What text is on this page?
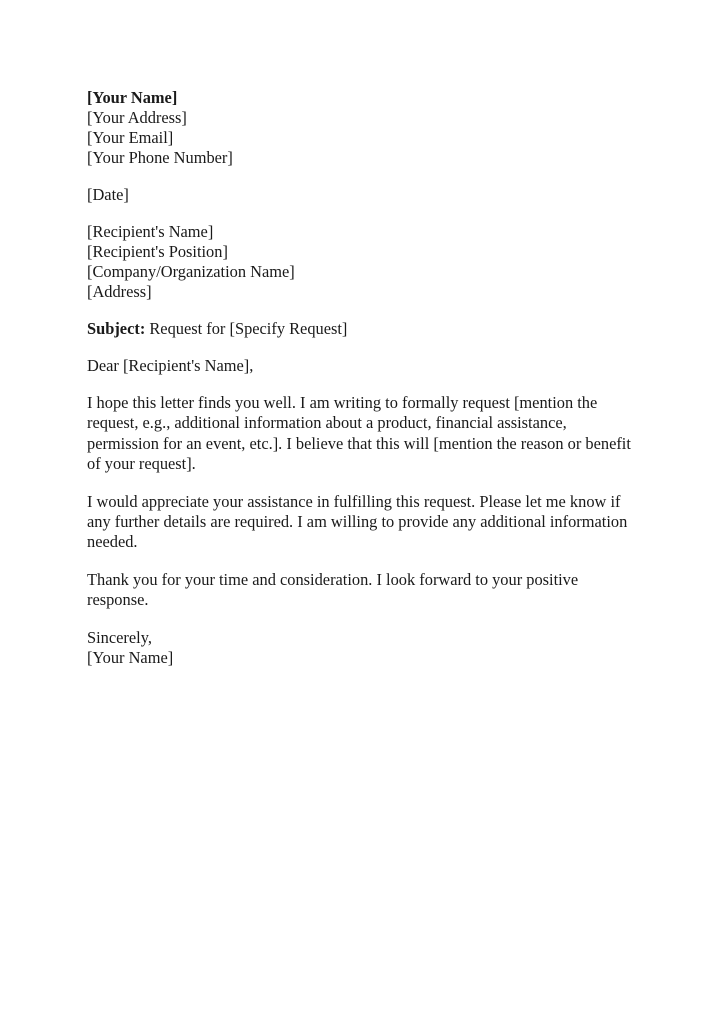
[Your Name]
[Your Address]
[Your Email]
[Your Phone Number]
[Date]
[Recipient's Name]
[Recipient's Position]
[Company/Organization Name]
[Address]
Subject: Request for [Specify Request]
Dear [Recipient's Name],

I hope this letter finds you well. I am writing to formally request [mention the request, e.g., additional information about a product, financial assistance, permission for an event, etc.]. I believe that this will [mention the reason or benefit of your request].

I would appreciate your assistance in fulfilling this request. Please let me know if any further details are required. I am willing to provide any additional information needed.

Thank you for your time and consideration. I look forward to your positive response.

Sincerely,
[Your Name]
